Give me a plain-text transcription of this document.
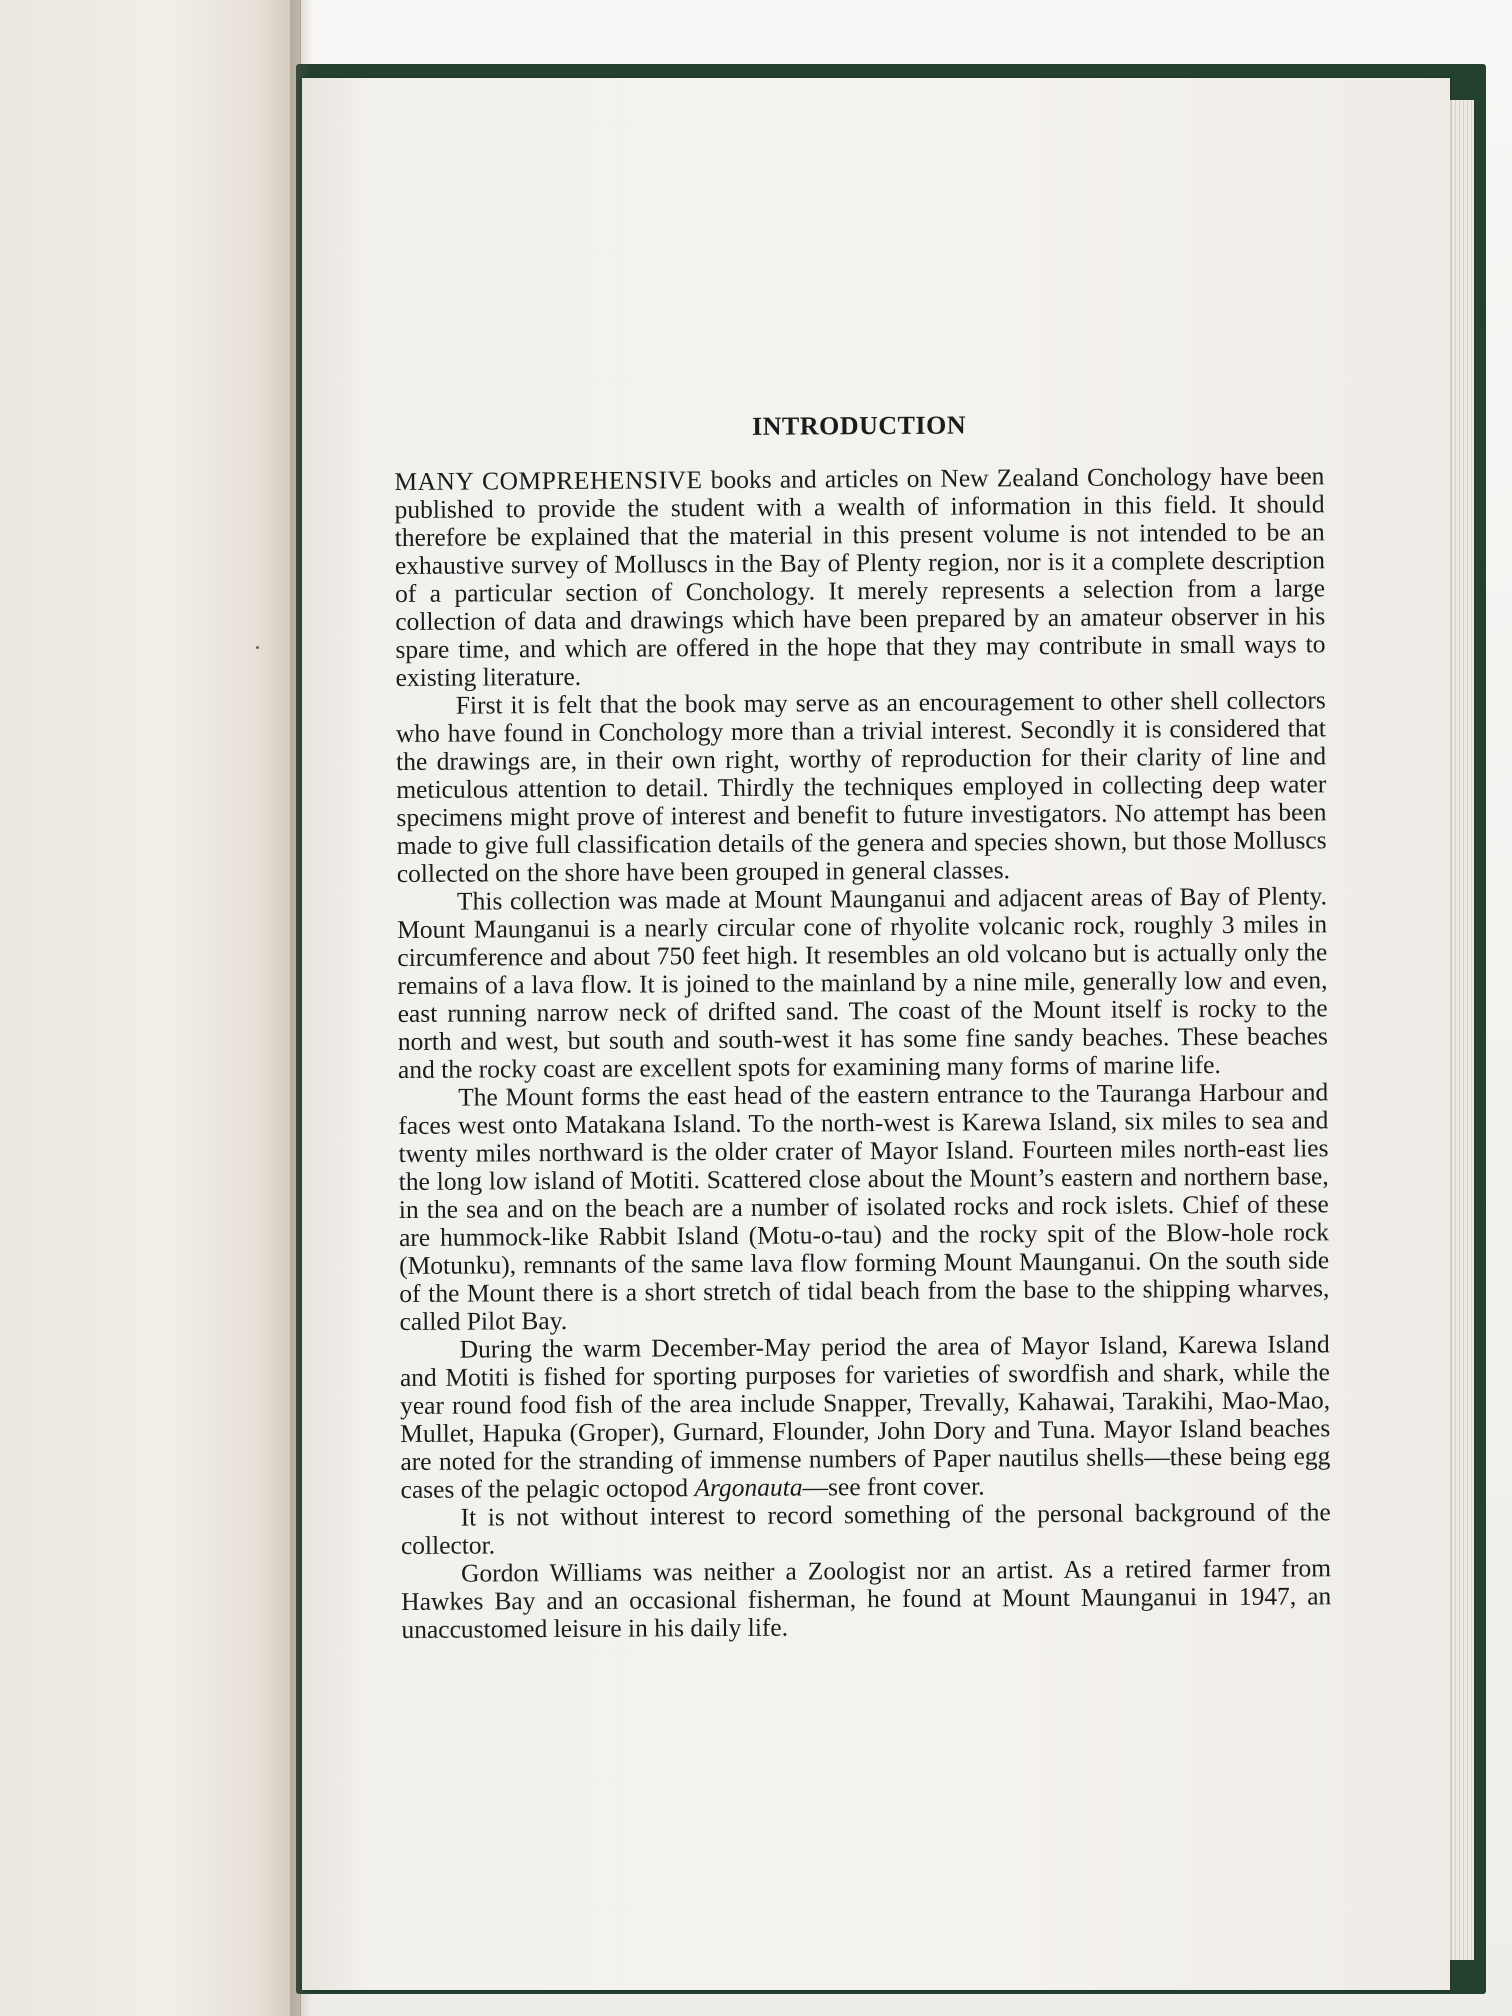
INTRODUCTION

MANY COMPREHENSIVE books and articles on New Zealand Conchology have been published to provide the student with a wealth of information in this field. It should therefore be explained that the material in this present volume is not intended to be an exhaustive survey of Molluscs in the Bay of Plenty region, nor is it a complete description of a particular section of Conchology. It merely represents a selection from a large collection of data and drawings which have been prepared by an amateur observer in his spare time, and which are offered in the hope that they may contribute in small ways to existing literature.

First it is felt that the book may serve as an encouragement to other shell collectors who have found in Conchology more than a trivial interest. Secondly it is considered that the drawings are, in their own right, worthy of reproduction for their clarity of line and meticulous attention to detail. Thirdly the techniques employed in collecting deep water specimens might prove of interest and benefit to future investigators. No attempt has been made to give full classification details of the genera and species shown, but those Molluscs collected on the shore have been grouped in general classes.

This collection was made at Mount Maunganui and adjacent areas of Bay of Plenty. Mount Maunganui is a nearly circular cone of rhyolite volcanic rock, roughly 3 miles in circumference and about 750 feet high. It resembles an old volcano but is actually only the remains of a lava flow. It is joined to the mainland by a nine mile, generally low and even, east running narrow neck of drifted sand. The coast of the Mount itself is rocky to the north and west, but south and south-west it has some fine sandy beaches. These beaches and the rocky coast are excellent spots for examining many forms of marine life.

The Mount forms the east head of the eastern entrance to the Tauranga Harbour and faces west onto Matakana Island. To the north-west is Karewa Island, six miles to sea and twenty miles northward is the older crater of Mayor Island. Fourteen miles north-east lies the long low island of Motiti. Scattered close about the Mount’s eastern and northern base, in the sea and on the beach are a number of isolated rocks and rock islets. Chief of these are hummock-like Rabbit Island (Motu-o-tau) and the rocky spit of the Blow-hole rock (Motunku), remnants of the same lava flow forming Mount Maunganui. On the south side of the Mount there is a short stretch of tidal beach from the base to the shipping wharves, called Pilot Bay.

During the warm December-May period the area of Mayor Island, Karewa Island and Motiti is fished for sporting purposes for varieties of swordfish and shark, while the year round food fish of the area include Snapper, Trevally, Kahawai, Tarakihi, Mao-Mao, Mullet, Hapuka (Groper), Gurnard, Flounder, John Dory and Tuna. Mayor Island beaches are noted for the stranding of immense numbers of Paper nautilus shells—these being egg cases of the pelagic octopod Argonauta—see front cover.

It is not without interest to record something of the personal background of the collector.

Gordon Williams was neither a Zoologist nor an artist. As a retired farmer from Hawkes Bay and an occasional fisherman, he found at Mount Maunganui in 1947, an unaccustomed leisure in his daily life.
